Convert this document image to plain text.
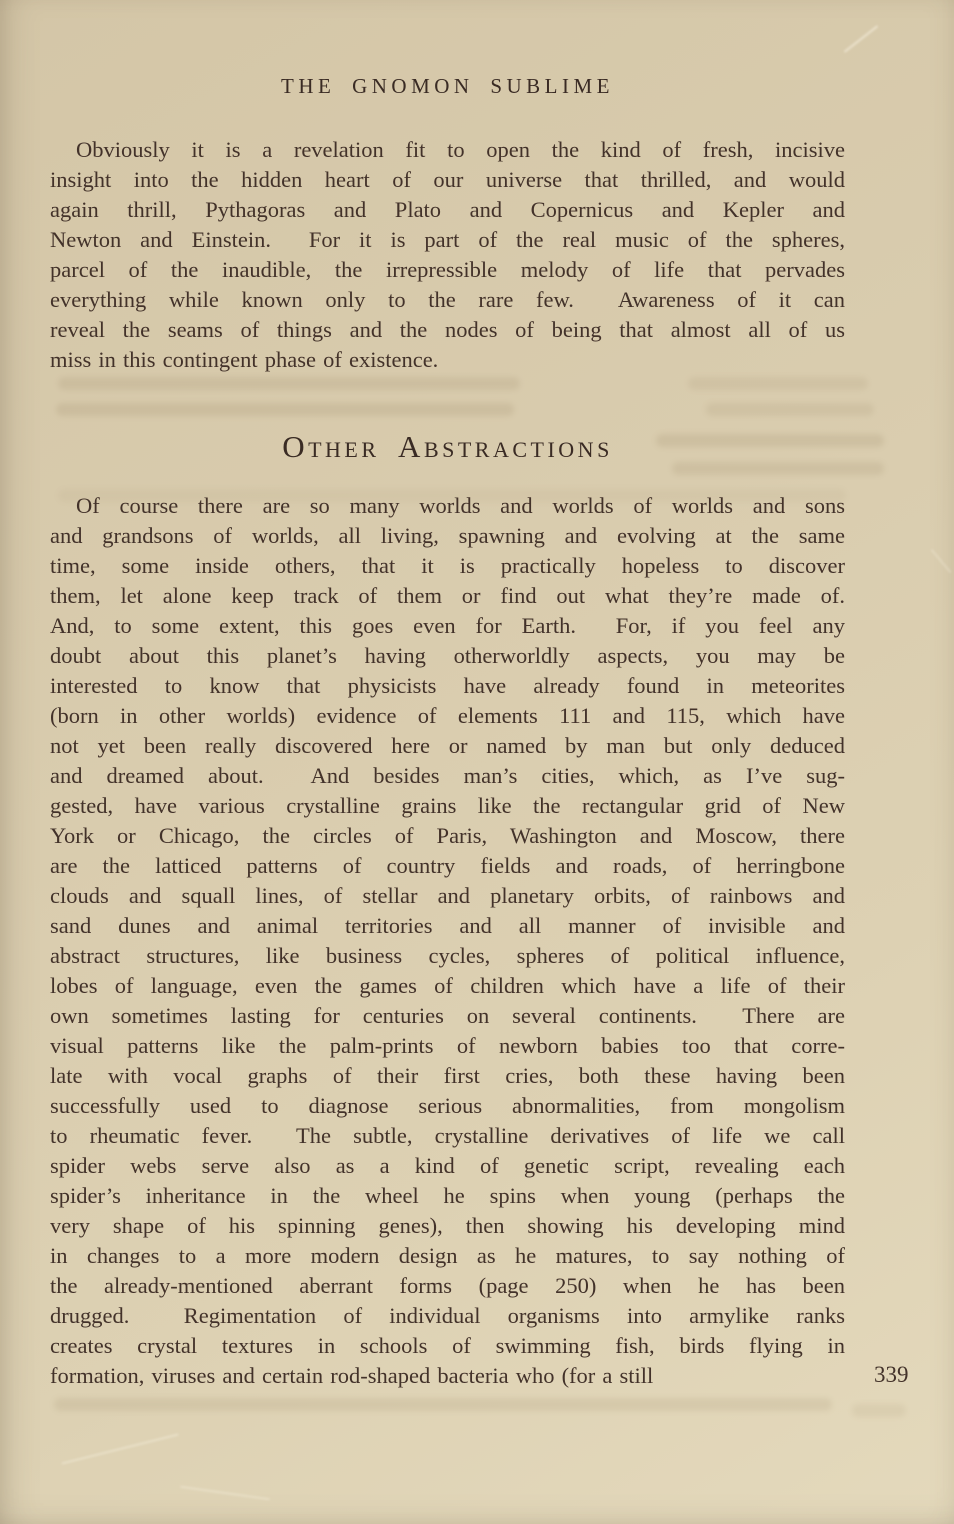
THE GNOMON SUBLIME
Obviously it is a revelation fit to open the kind of fresh, incisive
insight into the hidden heart of our universe that thrilled, and would
again thrill, Pythagoras and Plato and Copernicus and Kepler and
Newton and Einstein.  For it is part of the real music of the spheres,
parcel of the inaudible, the irrepressible melody of life that pervades
everything while known only to the rare few.  Awareness of it can
reveal the seams of things and the nodes of being that almost all of us
miss in this contingent phase of existence.
Other Abstractions
Of course there are so many worlds and worlds of worlds and sons
and grandsons of worlds, all living, spawning and evolving at the same
time, some inside others, that it is practically hopeless to discover
them, let alone keep track of them or find out what they’re made of.
And, to some extent, this goes even for Earth.  For, if you feel any
doubt about this planet’s having otherworldly aspects, you may be
interested to know that physicists have already found in meteorites
(born in other worlds) evidence of elements 111 and 115, which have
not yet been really discovered here or named by man but only deduced
and dreamed about.  And besides man’s cities, which, as I’ve sug-
gested, have various crystalline grains like the rectangular grid of New
York or Chicago, the circles of Paris, Washington and Moscow, there
are the latticed patterns of country fields and roads, of herringbone
clouds and squall lines, of stellar and planetary orbits, of rainbows and
sand dunes and animal territories and all manner of invisible and
abstract structures, like business cycles, spheres of political influence,
lobes of language, even the games of children which have a life of their
own sometimes lasting for centuries on several continents.  There are
visual patterns like the palm-prints of newborn babies too that corre-
late with vocal graphs of their first cries, both these having been
successfully used to diagnose serious abnormalities, from mongolism
to rheumatic fever.  The subtle, crystalline derivatives of life we call
spider webs serve also as a kind of genetic script, revealing each
spider’s inheritance in the wheel he spins when young (perhaps the
very shape of his spinning genes), then showing his developing mind
in changes to a more modern design as he matures, to say nothing of
the already-mentioned aberrant forms (page 250) when he has been
drugged.  Regimentation of individual organisms into armylike ranks
creates crystal textures in schools of swimming fish, birds flying in
formation, viruses and certain rod-shaped bacteria who (for a still	339
